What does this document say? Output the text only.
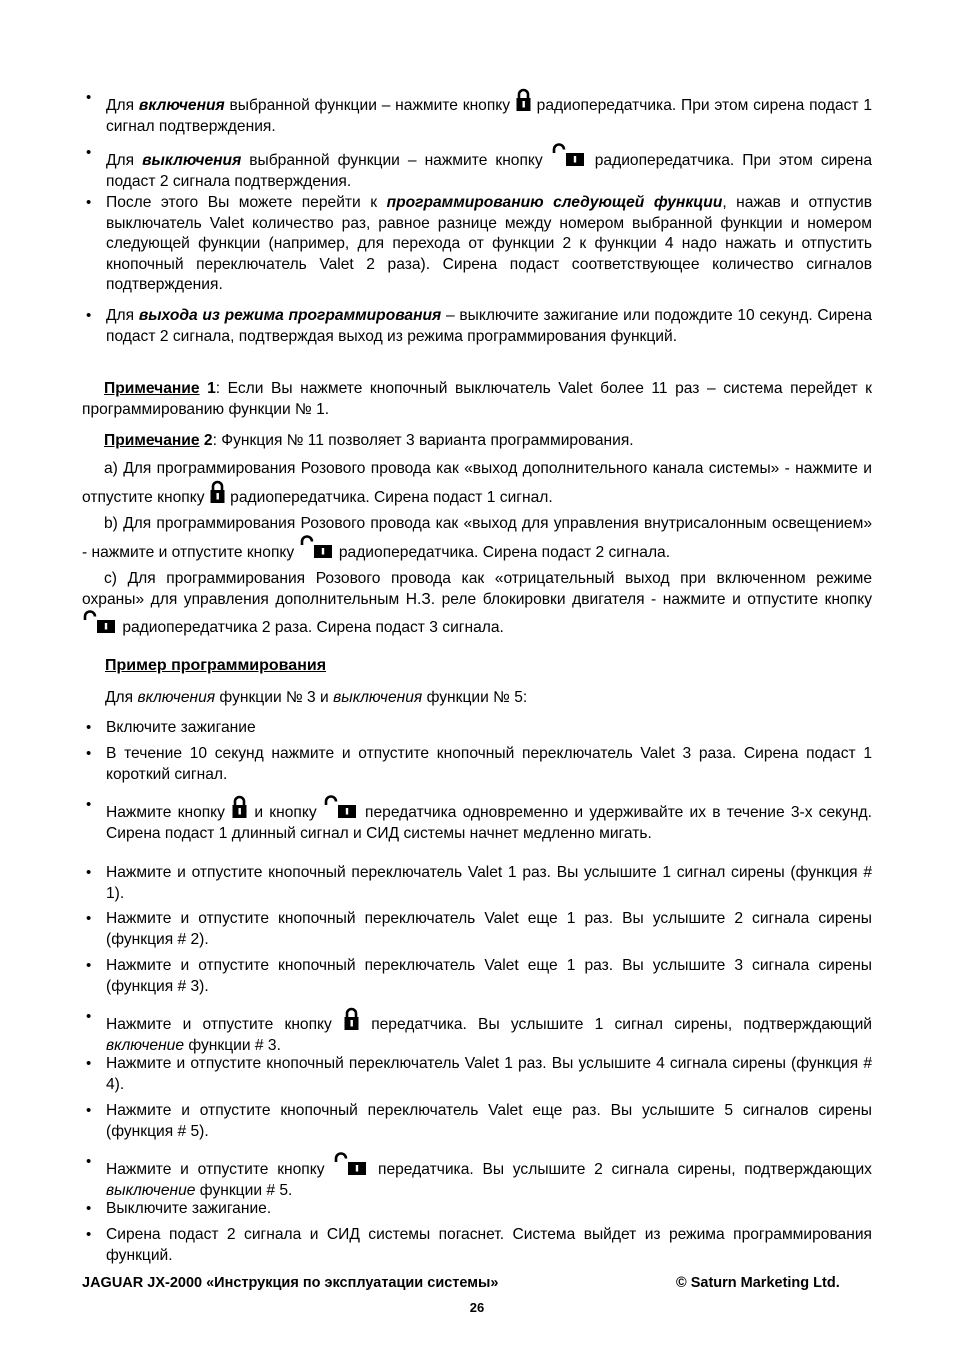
• Для включения выбранной функции – нажмите кнопку  радиопередатчика. При этом сирена подаст 1 сигнал подтверждения.
• Для выключения выбранной функции – нажмите кнопку  радиопередатчика. При этом сирена подаст 2 сигнала подтверждения.
• После этого Вы можете перейти к программированию следующей функции, нажав и отпустив выключатель Valet количество раз, равное разнице между номером выбранной функции и номером следующей функции (например, для перехода от функции 2 к функции 4 надо нажать и отпустить кнопочный переключатель Valet 2 раза). Сирена подаст соответствующее количество сигналов подтверждения.
• Для выхода из режима программирования – выключите зажигание или подождите 10 секунд. Сирена подаст 2 сигнала, подтверждая выход из режима программирования функций.
Примечание 1: Если Вы нажмете кнопочный выключатель Valet более 11 раз – система перейдет к программированию функции № 1.
Примечание 2: Функция № 11 позволяет 3 варианта программирования.
а) Для программирования Розового провода как «выход дополнительного канала системы» - нажмите и отпустите кнопку  радиопередатчика. Сирена подаст 1 сигнал.
b) Для программирования Розового провода как «выход для управления внутрисалонным освещением» - нажмите и отпустите кнопку  радиопередатчика. Сирена подаст 2 сигнала.
c) Для программирования Розового провода как «отрицательный выход при включенном режиме охраны» для управления дополнительным Н.З. реле блокировки двигателя - нажмите и отпустите кнопку  радиопередатчика 2 раза. Сирена подаст 3 сигнала.
Пример программирования
Для включения функции № 3 и выключения функции № 5:
• Включите зажигание
• В течение 10 секунд нажмите и отпустите кнопочный переключатель Valet 3 раза. Сирена подаст 1 короткий сигнал.
• Нажмите кнопку  и кнопку  передатчика одновременно и удерживайте их в течение 3-х секунд. Сирена подаст 1 длинный сигнал и СИД системы начнет медленно мигать.
• Нажмите и отпустите кнопочный переключатель Valet 1 раз. Вы услышите 1 сигнал сирены (функция # 1).
• Нажмите и отпустите кнопочный переключатель Valet еще 1 раз. Вы услышите 2 сигнала сирены (функция # 2).
• Нажмите и отпустите кнопочный переключатель Valet еще 1 раз. Вы услышите 3 сигнала сирены (функция # 3).
• Нажмите и отпустите кнопку  передатчика. Вы услышите 1 сигнал сирены, подтверждающий включение функции # 3.
• Нажмите и отпустите кнопочный переключатель Valet 1 раз. Вы услышите 4 сигнала сирены (функция # 4).
• Нажмите и отпустите кнопочный переключатель Valet еще раз. Вы услышите 5 сигналов сирены (функция # 5).
• Нажмите и отпустите кнопку  передатчика. Вы услышите 2 сигнала сирены, подтверждающих выключение функции # 5.
• Выключите зажигание.
• Сирена подаст 2 сигнала и СИД системы погаснет. Система выйдет из режима программирования функций.
JAGUAR JX-2000 «Инструкция по эксплуатации системы»	© Saturn Marketing Ltd.
26
